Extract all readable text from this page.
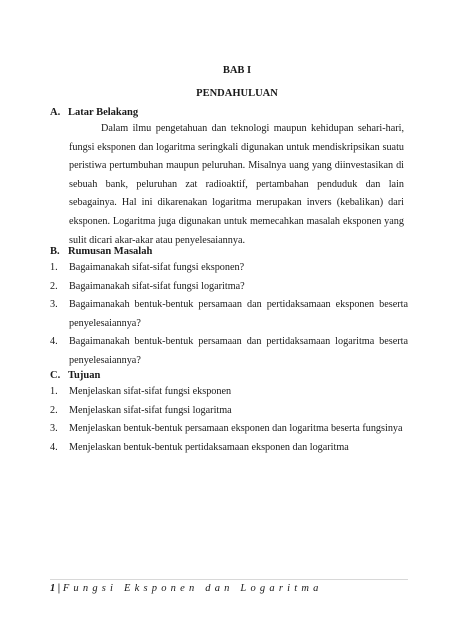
BAB I
PENDAHULUAN
A. Latar Belakang

Dalam ilmu pengetahuan dan teknologi maupun kehidupan sehari-hari, fungsi eksponen dan logaritma seringkali digunakan untuk mendiskripsikan suatu peristiwa pertumbuhan maupun peluruhan. Misalnya uang yang diinvestasikan di sebuah bank, peluruhan zat radioaktif, pertambahan penduduk dan lain sebagainya. Hal ini dikarenakan logaritma merupakan invers (kebalikan) dari eksponen. Logaritma juga digunakan untuk memecahkan masalah eksponen yang sulit dicari akar-akar atau penyelesaiannya.

B. Rumusan Masalah
1. Bagaimanakah sifat-sifat fungsi eksponen?
2. Bagaimanakah sifat-sifat fungsi logaritma?
3. Bagaimanakah bentuk-bentuk persamaan dan pertidaksamaan eksponen beserta penyelesaiannya?
4. Bagaimanakah bentuk-bentuk persamaan dan pertidaksamaan logaritma beserta penyelesaiannya?
C. Tujuan
1. Menjelaskan sifat-sifat fungsi eksponen
2. Menjelaskan sifat-sifat fungsi logaritma
3. Menjelaskan bentuk-bentuk persamaan eksponen dan logaritma beserta fungsinya
4. Menjelaskan bentuk-bentuk pertidaksamaan eksponen dan logaritma
1 | Fungsi Eksponen dan Logaritma
